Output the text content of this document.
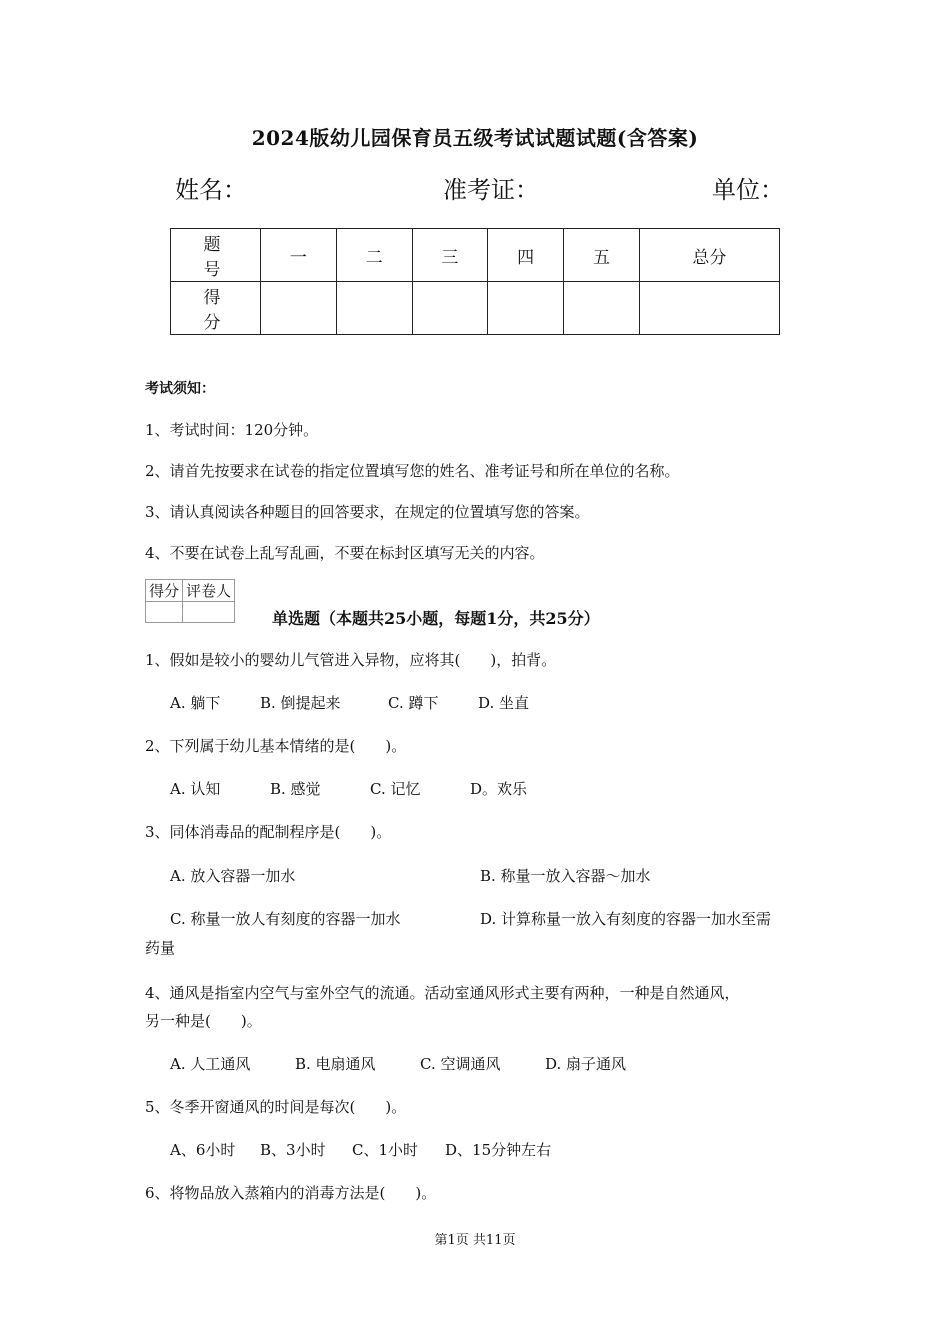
2024版幼儿园保育员五级考试试题试题(含答案)
姓名：	准考证：	单位：
题　号	一	二	三	四	五	总分
得　分						
考试须知：
1、考试时间：120分钟。
2、请首先按要求在试卷的指定位置填写您的姓名、准考证号和所在单位的名称。
3、请认真阅读各种题目的回答要求，在规定的位置填写您的答案。
4、不要在试卷上乱写乱画，不要在标封区填写无关的内容。
得分	评卷人

单选题（本题共25小题，每题1分，共25分）
1、假如是较小的婴幼儿气管进入异物，应将其(　　)，拍背。
A. 躺下	B. 倒提起来	C. 蹲下	D. 坐直
2、下列属于幼儿基本情绪的是(　　)。
A. 认知	B. 感觉	C. 记忆	D。欢乐
3、同体消毒品的配制程序是(　　)。
A. 放入容器一加水	B. 称量一放入容器～加水
C. 称量一放人有刻度的容器一加水	D. 计算称量一放入有刻度的容器一加水至需
药量
4、通风是指室内空气与室外空气的流通。活动室通风形式主要有两种，一种是自然通风，
另一种是(　　)。
A. 人工通风	B. 电扇通风	C. 空调通风	D. 扇子通风
5、冬季开窗通风的时间是每次(　　)。
A、6小时 B、3小时 C、1小时 D、15分钟左右
6、将物品放入蒸箱内的消毒方法是(　　)。
第1页 共11页
